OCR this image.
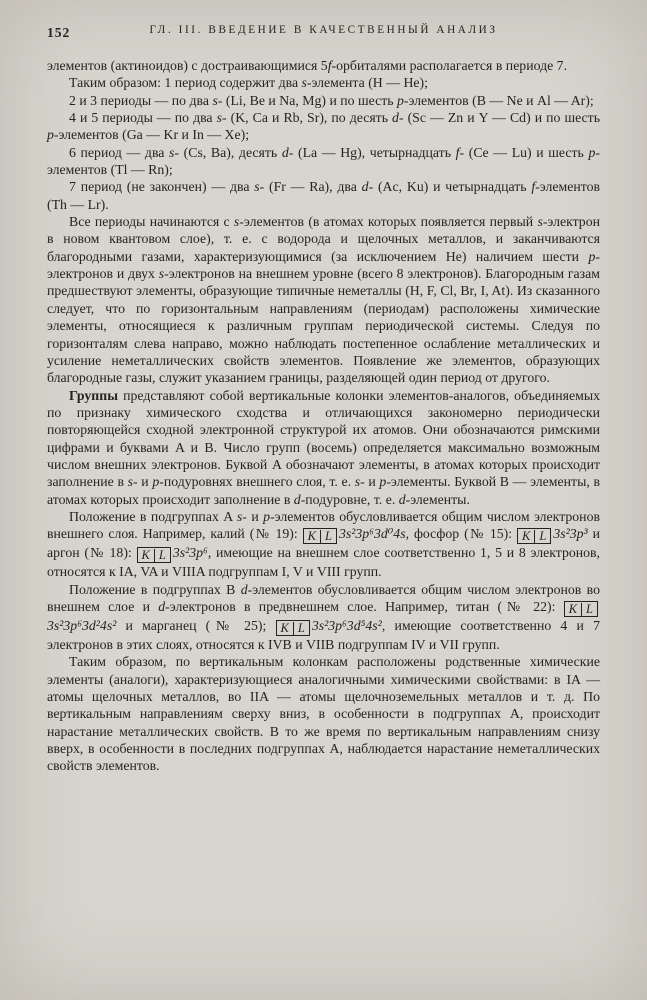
152	ГЛ. III. ВВЕДЕНИЕ В КАЧЕСТВЕННЫЙ АНАЛИЗ

элементов (актиноидов) с достраивающимися 5f-орбиталями располагается в периоде 7.

Таким образом: 1 период содержит два s-элемента (H — He);

2 и 3 периоды — по два s- (Li, Be и Na, Mg) и по шесть p-элементов (B — Ne и Al — Ar);

4 и 5 периоды — по два s- (K, Ca и Rb, Sr), по десять d- (Sc — Zn и Y — Cd) и по шесть p-элементов (Ga — Kr и In — Xe);

6 период — два s- (Cs, Ba), десять d- (La — Hg), четырнадцать f- (Ce — Lu) и шесть p-элементов (Tl — Rn);

7 период (не закончен) — два s- (Fr — Ra), два d- (Ac, Ku) и четырнадцать f-элементов (Th — Lr).

Все периоды начинаются с s-элементов (в атомах которых появляется первый s-электрон в новом квантовом слое), т. е. с водорода и щелочных металлов, и заканчиваются благородными газами, характеризующимися (за исключением He) наличием шести p-электронов и двух s-электронов на внешнем уровне (всего 8 электронов). Благородным газам предшествуют элементы, образующие типичные неметаллы (H, F, Cl, Br, I, At). Из сказанного следует, что по горизонтальным направлениям (периодам) расположены химические элементы, относящиеся к различным группам периодической системы. Следуя по горизонталям слева направо, можно наблюдать постепенное ослабление металлических и усиление неметаллических свойств элементов. Появление же элементов, образующих благородные газы, служит указанием границы, разделяющей один период от другого.

Группы представляют собой вертикальные колонки элементов-аналогов, объединяемых по признаку химического сходства и отличающихся закономерно периодически повторяющейся сходной электронной структурой их атомов. Они обозначаются римскими цифрами и буквами A и B. Число групп (восемь) определяется максимально возможным числом внешних электронов. Буквой A обозначают элементы, в атомах которых происходит заполнение в s- и p-подуровнях внешнего слоя, т. е. s- и p-элементы. Буквой B — элементы, в атомах которых происходит заполнение в d-подуровне, т. е. d-элементы.

Положение в подгруппах A s- и p-элементов обусловливается общим числом электронов внешнего слоя. Например, калий (№ 19): K L 3s²3p⁶3d⁰4s, фосфор (№ 15): K L 3s²3p³ и аргон (№ 18): K L 3s²3p⁶, имеющие на внешнем слое соответственно 1, 5 и 8 электронов, относятся к IA, VA и VIIIA подгруппам I, V и VIII групп.

Положение в подгруппах B d-элементов обусловливается общим числом электронов во внешнем слое и d-электронов в предвнешнем слое. Например, титан (№ 22): K L3s²3p⁶3d²4s² и марганец (№ 25); K L 3s²3p⁶3d⁵4s², имеющие соответственно 4 и 7 электронов в этих слоях, относятся к IVB и VIIB подгруппам IV и VII групп.

Таким образом, по вертикальным колонкам расположены родственные химические элементы (аналоги), характеризующиеся аналогичными химическими свойствами: в IA — атомы щелочных металлов, во IIA — атомы щелочноземельных металлов и т. д. По вертикальным направлениям сверху вниз, в особенности в подгруппах A, происходит нарастание металлических свойств. В то же время по вертикальным направлениям снизу вверх, в особенности в последних подгруппах A, наблюдается нарастание неметаллических свойств элементов.
